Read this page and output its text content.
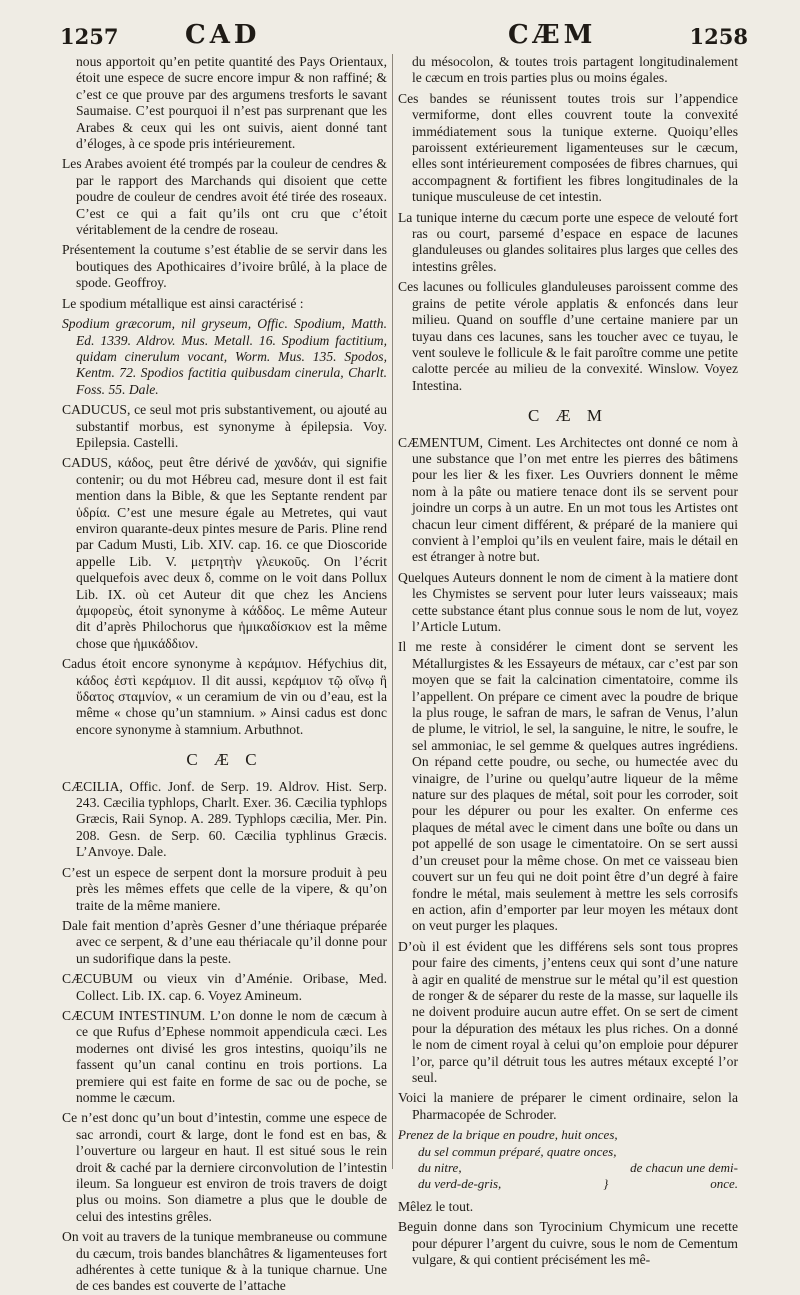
1257	CAD	CÆM	1258

nous apportoit qu’en petite quantité des Pays Orientaux, étoit une espece de sucre encore impur & non raffiné; & c’est ce que prouve par des argumens tresforts le savant Saumaise. C’est pourquoi il n’est pas surprenant que les Arabes & ceux qui les ont suivis, aient donné tant d’éloges, à ce spode pris intérieurement.

Les Arabes avoient été trompés par la couleur de cendres & par le rapport des Marchands qui disoient que cette poudre de couleur de cendres avoit été tirée des roseaux. C’est ce qui a fait qu’ils ont cru que c’étoit véritablement de la cendre de roseau.

Présentement la coutume s’est établie de se servir dans les boutiques des Apothicaires d’ivoire brûlé, à la place de spode. Geoffroy.

Le spodium métallique est ainsi caractérisé :

Spodium græcorum, nil gryseum, Offic. Spodium, Matth. Ed. 1339. Aldrov. Mus. Metall. 16. Spodium factitium, quidam cinerulum vocant, Worm. Mus. 135. Spodos, Kentm. 72. Spodios factitia quibusdam cinerula, Charlt. Foss. 55. Dale.

CADUCUS, ce seul mot pris substantivement, ou ajouté au substantif morbus, est synonyme à épilepsia. Voy. Epilepsia. Castelli.

CADUS, κάδος, peut être dérivé de χανδάν, qui signifie contenir; ou du mot Hébreu cad, mesure dont il est fait mention dans la Bible, & que les Septante rendent par ὑδρία. C’est une mesure égale au Metretes, qui vaut environ quarante-deux pintes mesure de Paris. Pline rend par Cadum Musti, Lib. XIV. cap. 16. ce que Dioscoride appelle Lib. V. μετρητὴν γλευκοῦς. On l’écrit quelquefois avec deux δ, comme on le voit dans Pollux Lib. IX. où cet Auteur dit que chez les Anciens ἀμφορεὺς, étoit synonyme à κάδδος. Le même Auteur dit d’après Philochorus que ἡμικαδίσκιον est la même chose que ἡμικάδδιον.

Cadus étoit encore synonyme à κεράμιον. Héfychius dit, κάδος ἐστὶ κεράμιον. Il dit aussi, κεράμιον τῷ οἴνῳ ἢ ὕδατος σταμνίον, « un ceramium de vin ou d’eau, est la même « chose qu’un stamnium. » Ainsi cadus est donc encore synonyme à stamnium. Arbuthnot.

C Æ C

CÆCILIA, Offic. Jonf. de Serp. 19. Aldrov. Hist. Serp. 243. Cæcilia typhlops, Charlt. Exer. 36. Cæcilia typhlops Græcis, Raii Synop. A. 289. Typhlops cæcilia, Mer. Pin. 208. Gesn. de Serp. 60. Cæcilia typhlinus Græcis. L’Anvoye. Dale.

C’est un espece de serpent dont la morsure produit à peu près les mêmes effets que celle de la vipere, & qu’on traite de la même maniere.

Dale fait mention d’après Gesner d’une thériaque préparée avec ce serpent, & d’une eau thériacale qu’il donne pour un sudorifique dans la peste.

CÆCUBUM ou vieux vin d’Aménie. Oribase, Med. Collect. Lib. IX. cap. 6. Voyez Amineum.

CÆCUM INTESTINUM. L’on donne le nom de cæcum à ce que Rufus d’Ephese nommoit appendicula cæci. Les modernes ont divisé les gros intestins, quoiqu’ils ne fassent qu’un canal continu en trois portions. La premiere qui est faite en forme de sac ou de poche, se nomme le cæcum.

Ce n’est donc qu’un bout d’intestin, comme une espece de sac arrondi, court & large, dont le fond est en bas, & l’ouverture ou largeur en haut. Il est situé sous le rein droit & caché par la derniere circonvolution de l’intestin ileum. Sa longueur est environ de trois travers de doigt plus ou moins. Son diametre a plus que le double de celui des intestins grêles.

On voit au travers de la tunique membraneuse ou commune du cæcum, trois bandes blanchâtres & ligamenteuses fort adhérentes à cette tunique & à la tunique charnue. Une de ces bandes est couverte de l’attache

du mésocolon, & toutes trois partagent longitudinalement le cæcum en trois parties plus ou moins égales.

Ces bandes se réunissent toutes trois sur l’appendice vermiforme, dont elles couvrent toute la convexité immédiatement sous la tunique externe. Quoiqu’elles paroissent extérieurement ligamenteuses sur le cæcum, elles sont intérieurement composées de fibres charnues, qui accompagnent & fortifient les fibres longitudinales de la tunique musculeuse de cet intestin.

La tunique interne du cæcum porte une espece de velouté fort ras ou court, parsemé d’espace en espace de lacunes glanduleuses ou glandes solitaires plus larges que celles des intestins grêles.

Ces lacunes ou follicules glanduleuses paroissent comme des grains de petite vérole applatis & enfoncés dans leur milieu. Quand on souffle d’une certaine maniere par un tuyau dans ces lacunes, sans les toucher avec ce tuyau, le vent souleve le follicule & le fait paroître comme une petite calotte percée au milieu de la convexité. Winslow. Voyez Intestina.

C Æ M

CÆMENTUM, Ciment. Les Architectes ont donné ce nom à une substance que l’on met entre les pierres des bâtimens pour les lier & les fixer. Les Ouvriers donnent le même nom à la pâte ou matiere tenace dont ils se servent pour joindre un corps à un autre. En un mot tous les Artistes ont chacun leur ciment différent, & préparé de la maniere qui convient à l’emploi qu’ils en veulent faire, mais le détail en est étranger à notre but.

Quelques Auteurs donnent le nom de ciment à la matiere dont les Chymistes se servent pour luter leurs vaisseaux; mais cette substance étant plus connue sous le nom de lut, voyez l’Article Lutum.

Il me reste à considérer le ciment dont se servent les Métallurgistes & les Essayeurs de métaux, car c’est par son moyen que se fait la calcination cimentatoire, comme ils l’appellent. On prépare ce ciment avec la poudre de brique la plus rouge, le safran de mars, le safran de Venus, l’alun de plume, le vitriol, le sel, la sanguine, le nitre, le soufre, le sel ammoniac, le sel gemme & quelques autres ingrédiens. On répand cette poudre, ou seche, ou humectée avec du vinaigre, de l’urine ou quelqu’autre liqueur de la même nature sur des plaques de métal, soit pour les corroder, soit pour les dépurer ou pour les exalter. On enferme ces plaques de métal avec le ciment dans une boîte ou dans un pot appellé de son usage le cimentatoire. On se sert aussi d’un creuset pour la même chose. On met ce vaisseau bien couvert sur un feu qui ne doit point être d’un degré à faire fondre le métal, mais seulement à mettre les sels corrosifs en action, afin d’emporter par leur moyen les métaux dont on veut purger les plaques.

D’où il est évident que les différens sels sont tous propres pour faire des ciments, j’entens ceux qui sont d’une nature à agir en qualité de menstrue sur le métal qu’il est question de ronger & de séparer du reste de la masse, sur laquelle ils ne doivent produire aucun autre effet. On se sert de ciment pour la dépuration des métaux les plus riches. On a donné le nom de ciment royal à celui qu’on emploie pour dépurer l’or, parce qu’il détruit tous les autres métaux excepté l’or seul.

Voici la maniere de préparer le ciment ordinaire, selon la Pharmacopée de Schroder.

Prenez de la brique en poudre, huit onces,
du sel commun préparé, quatre onces,
du nitre,	de chacun une demi-
du verd-de-gris,	}	once.

Mêlez le tout.

Beguin donne dans son Tyrocinium Chymicum une recette pour dépurer l’argent du cuivre, sous le nom de Cementum vulgare, & qui contient précisément les mê-
